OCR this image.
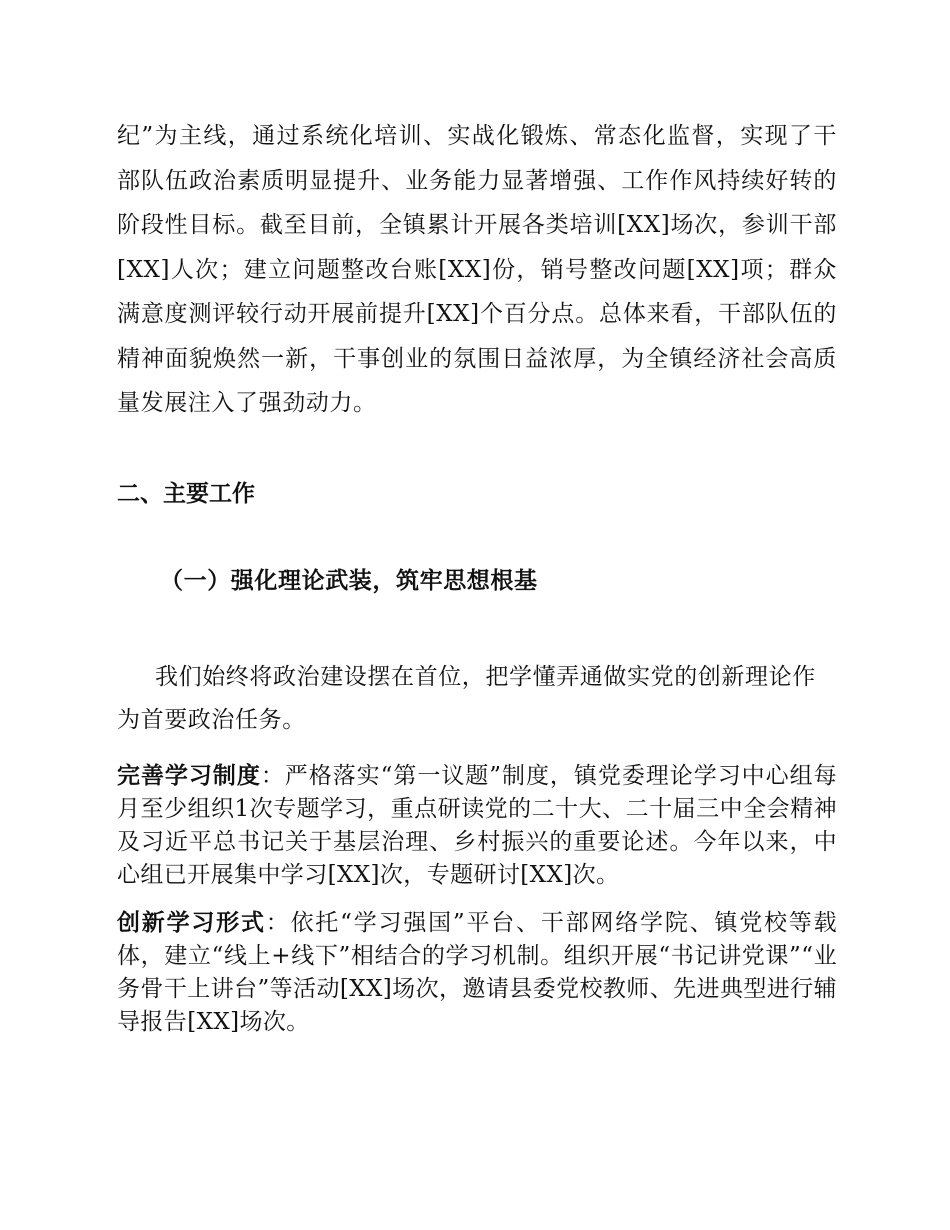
纪”为主线，通过系统化培训、实战化锻炼、常态化监督，实现了干部队伍政治素质明显提升、业务能力显著增强、工作作风持续好转的阶段性目标。截至目前，全镇累计开展各类培训[XX]场次，参训干部[XX]人次；建立问题整改台账[XX]份，销号整改问题[XX]项；群众满意度测评较行动开展前提升[XX]个百分点。总体来看，干部队伍的精神面貌焕然一新，干事创业的氛围日益浓厚，为全镇经济社会高质量发展注入了强劲动力。

二、主要工作
（一）强化理论武装，筑牢思想根基

我们始终将政治建设摆在首位，把学懂弄通做实党的创新理论作为首要政治任务。

完善学习制度：严格落实“第一议题”制度，镇党委理论学习中心组每月至少组织1次专题学习，重点研读党的二十大、二十届三中全会精神及习近平总书记关于基层治理、乡村振兴的重要论述。今年以来，中心组已开展集中学习[XX]次，专题研讨[XX]次。

创新学习形式：依托“学习强国”平台、干部网络学院、镇党校等载体，建立“线上+线下”相结合的学习机制。组织开展“书记讲党课”“业务骨干上讲台”等活动[XX]场次，邀请县委党校教师、先进典型进行辅导报告[XX]场次。
